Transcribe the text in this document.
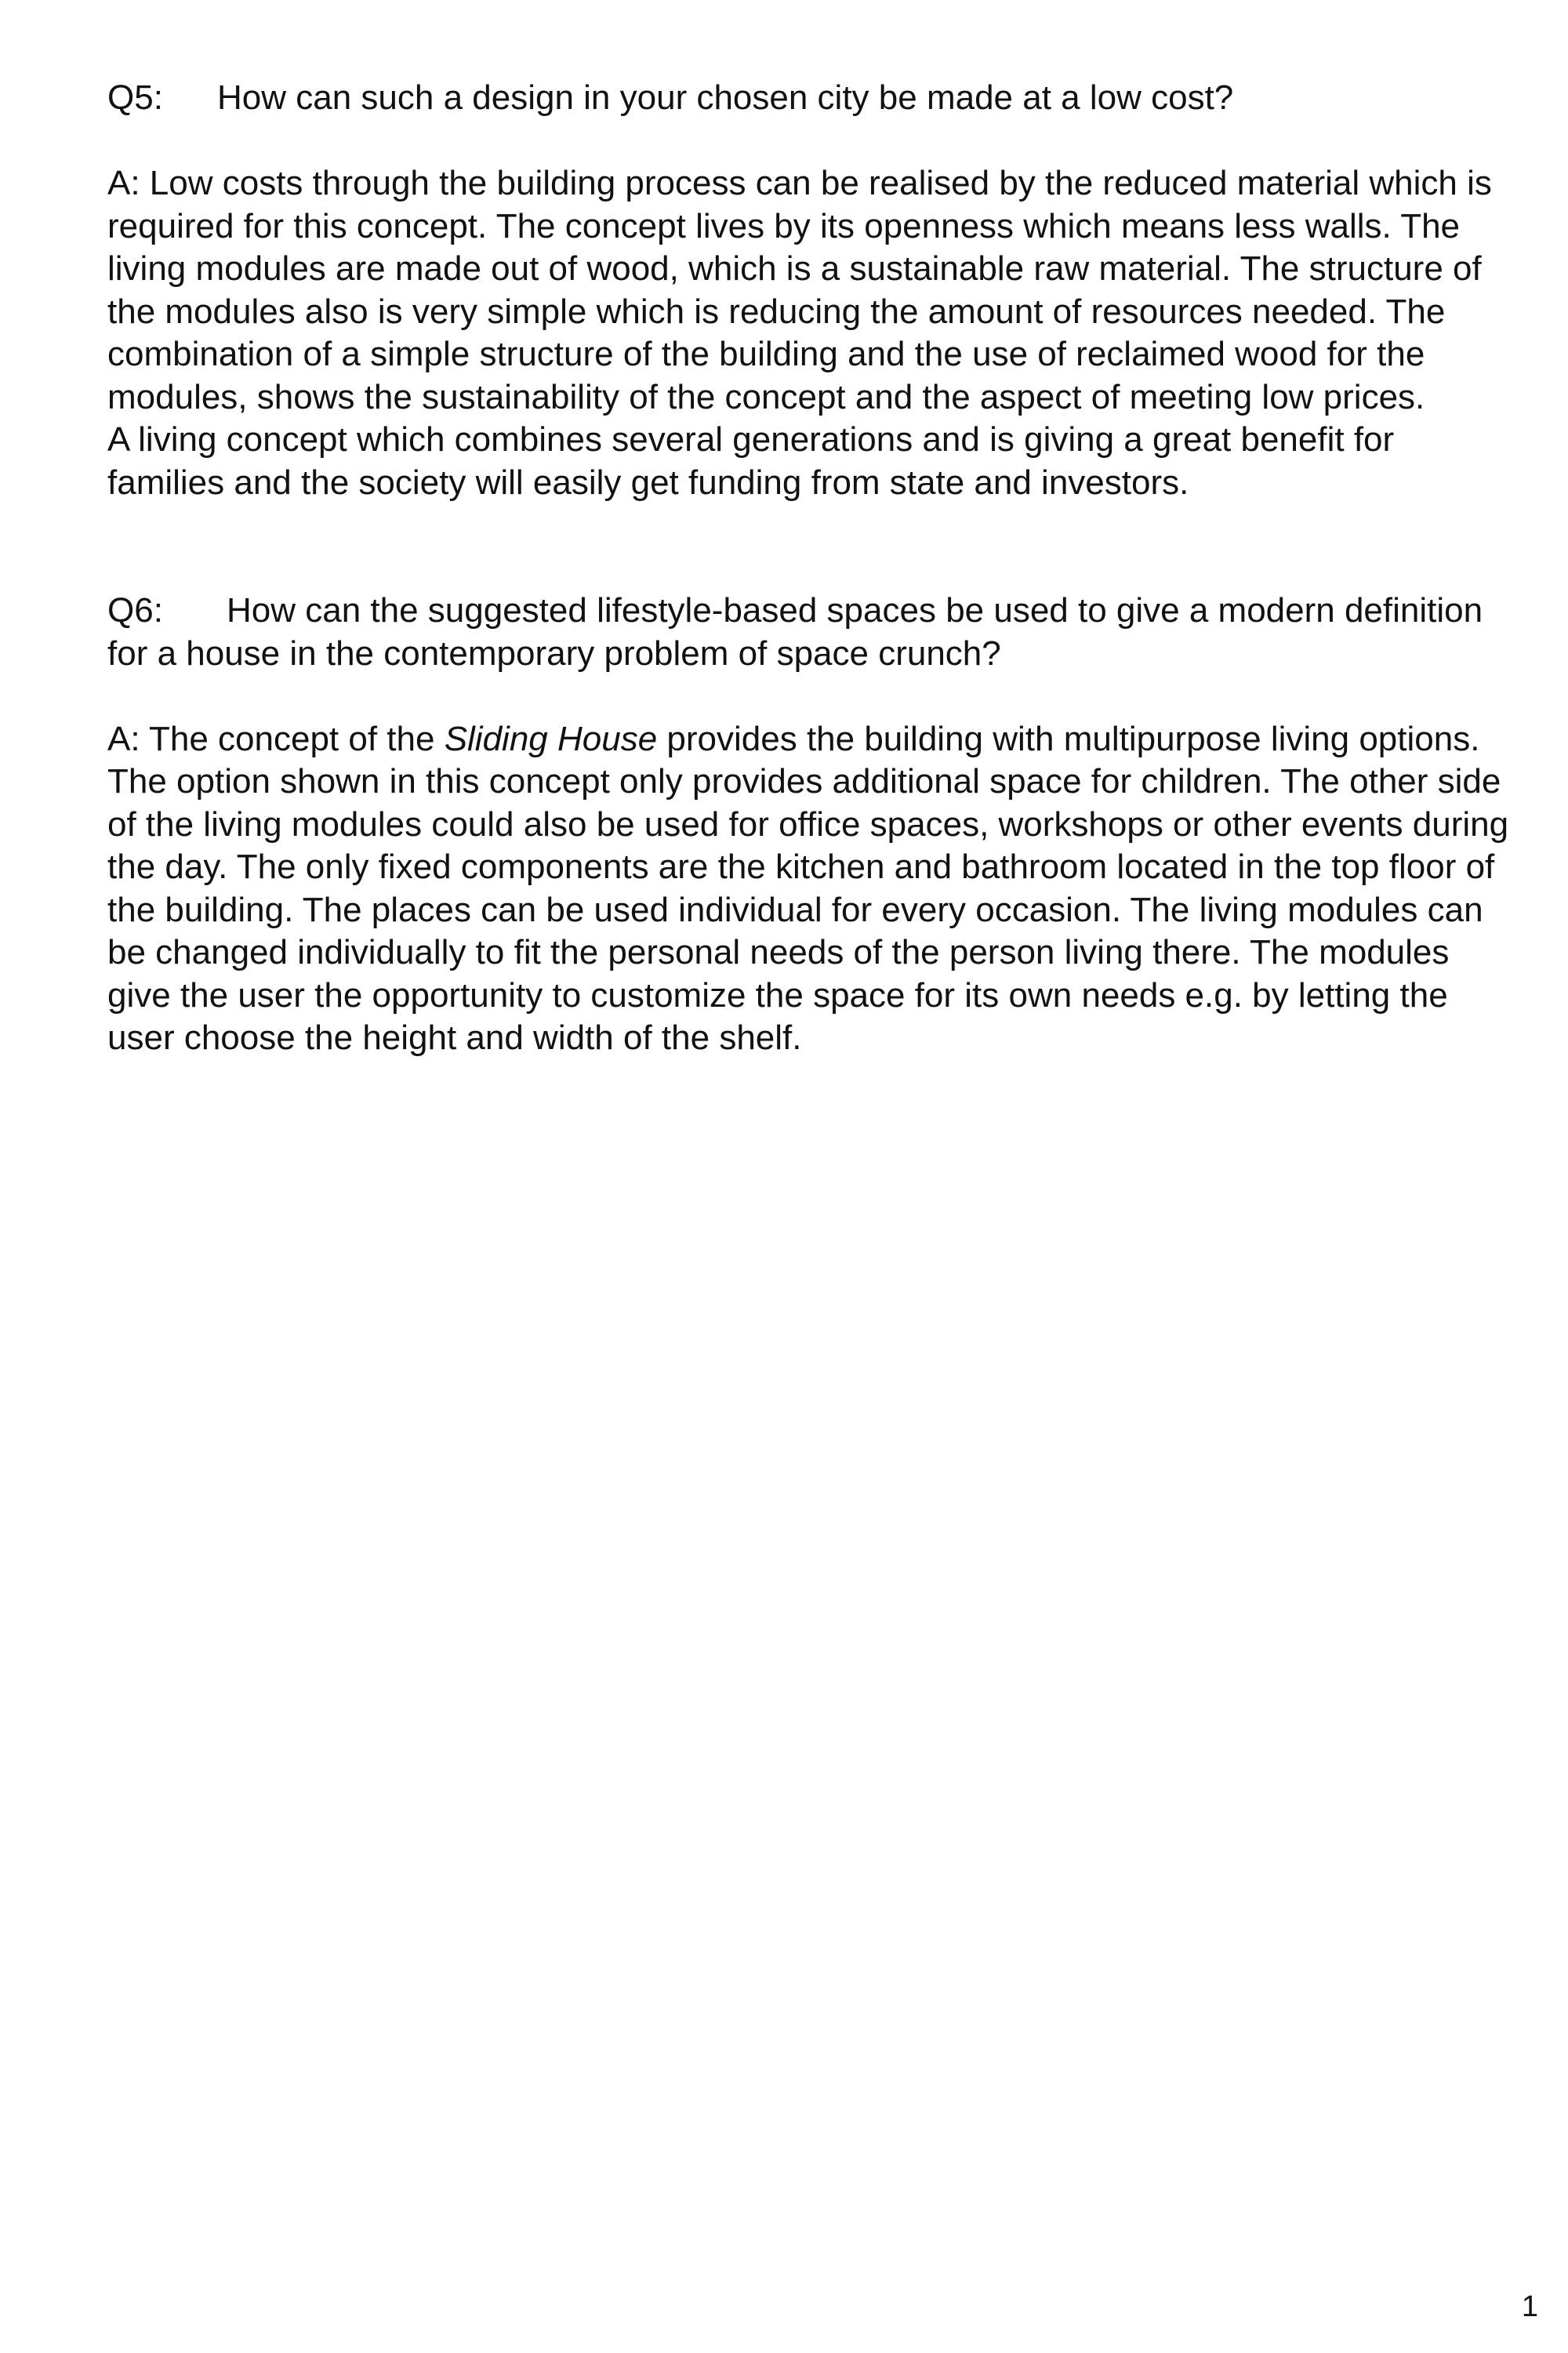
Q5: How can such a design in your chosen city be made at a low cost?

A: Low costs through the building process can be realised by the reduced material which is required for this concept. The concept lives by its openness which means less walls. The living modules are made out of wood, which is a sustainable raw material. The structure of the modules also is very simple which is reducing the amount of resources needed. The combination of a simple structure of the building and the use of reclaimed wood for the modules, shows the sustainability of the concept and the aspect of meeting low prices.

A living concept which combines several generations and is giving a great benefit for families and the society will easily get funding from state and investors.

Q6: How can the suggested lifestyle-based spaces be used to give a modern definition for a house in the contemporary problem of space crunch?

A: The concept of the Sliding House provides the building with multipurpose living options. The option shown in this concept only provides additional space for children. The other side of the living modules could also be used for office spaces, workshops or other events during the day. The only fixed components are the kitchen and bathroom located in the top floor of the building. The places can be used individual for every occasion. The living modules can be changed individually to fit the personal needs of the person living there. The modules give the user the opportunity to customize the space for its own needs e.g. by letting the user choose the height and width of the shelf.

1
